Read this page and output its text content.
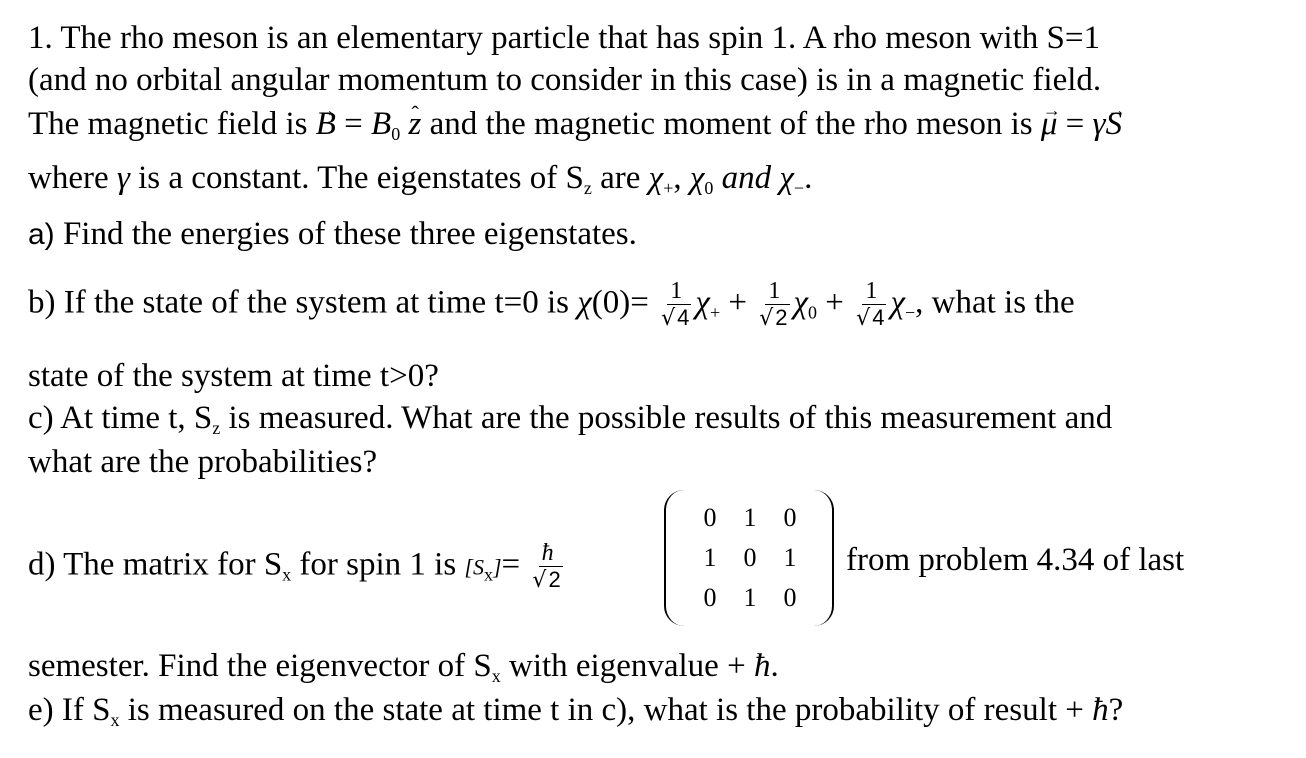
1. The rho meson is an elementary particle that has spin 1. A rho meson with S=1
(and no orbital angular momentum to consider in this case) is in a magnetic field.
The magnetic field is → $B = B_0$ ˆ z and the magnetic moment of the rho meson is → μ = γ→ S
where γ is a constant. The eigenstates of $S_z$ are $\chi_+$, $\chi_0$ and $\chi_-$.
a) Find the energies of these three eigenstates.
b) If the state of the system at time t=0 is $\chi(0)= \frac{1}{√4} \chi_+ + \frac{1}{√2} \chi_0 + \frac{1}{√4} \chi_-$, what is the
state of the system at time t>0?
c) At time t, $S_z$ is measured. What are the possible results of this measurement and
what are the probabilities?
d) The matrix for $S_x$ for spin 1 is $[S_x]= \frac{ħ}{√2}$
0	1	0
1	0	1
0	1	0
from problem 4.34 of last
semester. Find the eigenvector of $S_x$ with eigenvalue + ħ.
e) If $S_x$ is measured on the state at time t in c), what is the probability of result + ħ?
